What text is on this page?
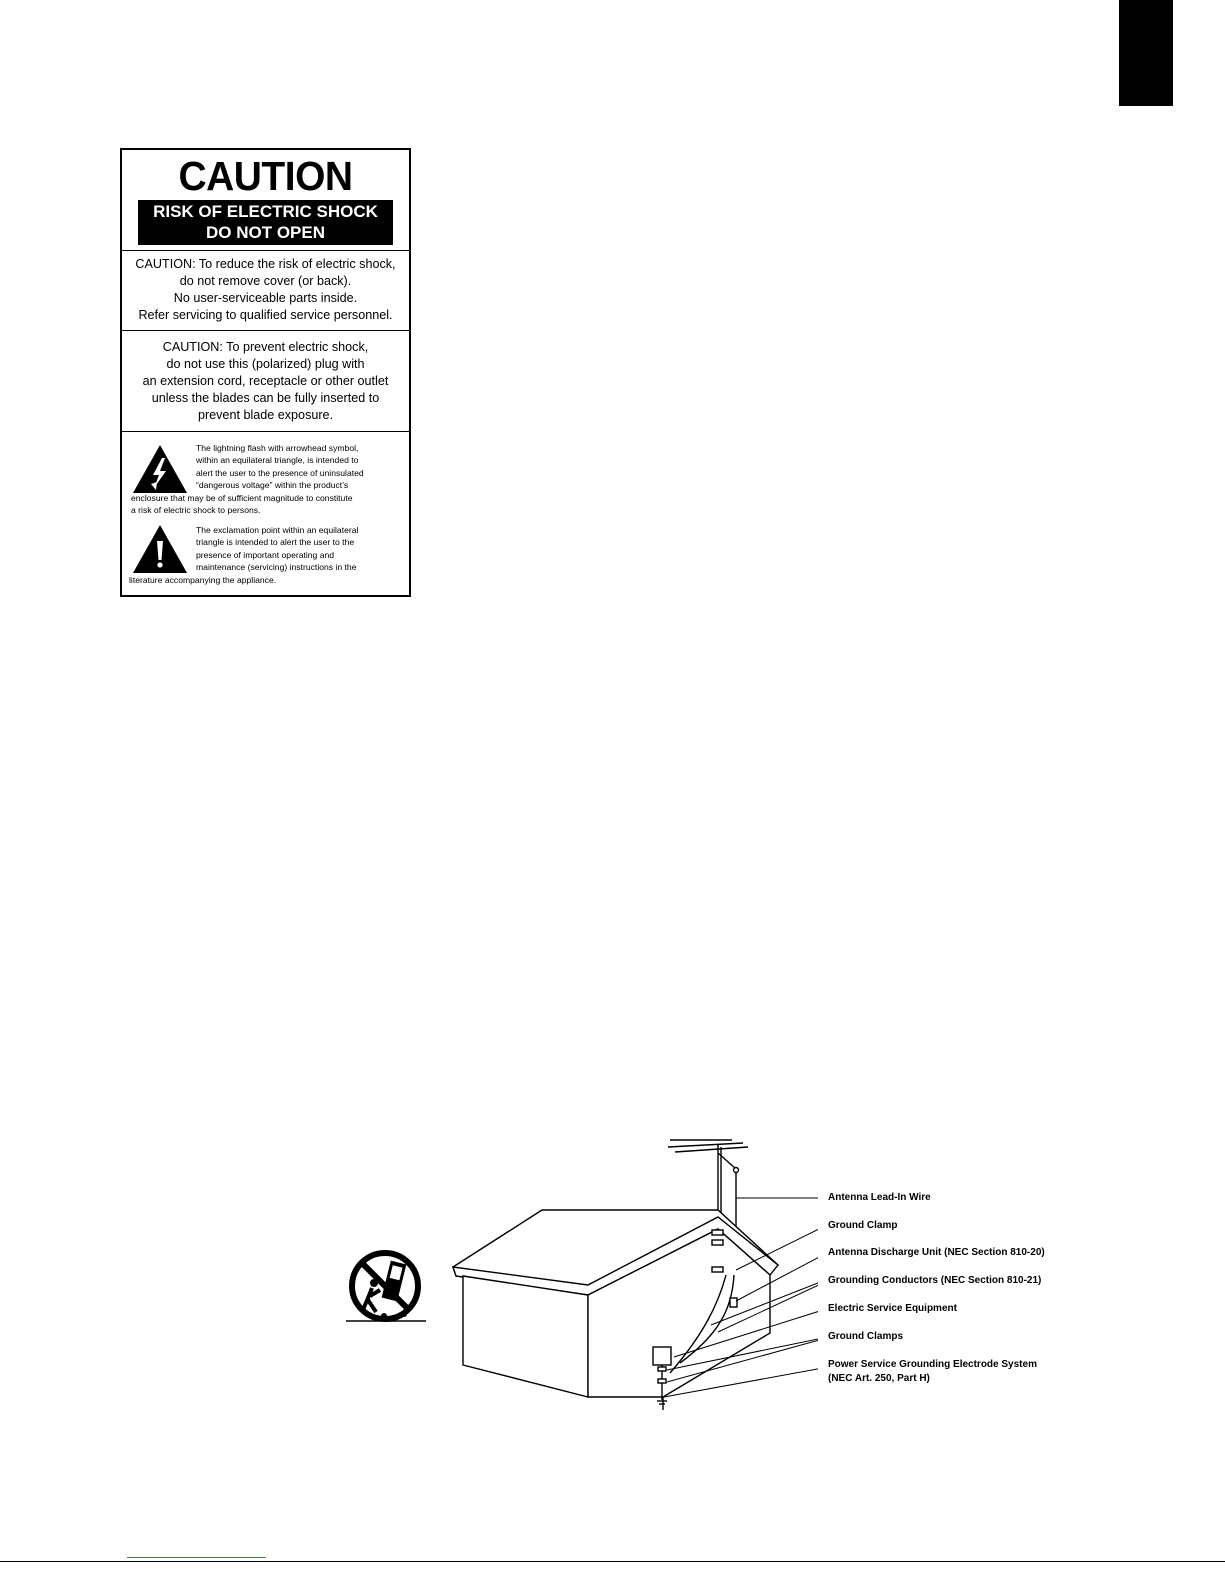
CAUTION
RISK OF ELECTRIC SHOCK
DO NOT OPEN
CAUTION: To reduce the risk of electric shock,
do not remove cover (or back).
No user-serviceable parts inside.
Refer servicing to qualified service personnel.
CAUTION: To prevent electric shock,
do not use this (polarized) plug with
an extension cord, receptacle or other outlet
unless the blades can be fully inserted to
prevent blade exposure.
The lightning flash with arrowhead symbol,
within an equilateral triangle, is intended to
alert the user to the presence of uninsulated
“dangerous voltage” within the product’s
enclosure that may be of sufficient magnitude to constitute
a risk of electric shock to persons.
The exclamation point within an equilateral
triangle is intended to alert the user to the
presence of important operating and
maintenance (servicing) instructions in the
literature accompanying the appliance.
Antenna Lead-In Wire
Ground Clamp
Antenna Discharge Unit (NEC Section 810-20)
Grounding Conductors (NEC Section 810-21)
Electric Service Equipment
Ground Clamps
Power Service Grounding Electrode System
(NEC Art. 250, Part H)
